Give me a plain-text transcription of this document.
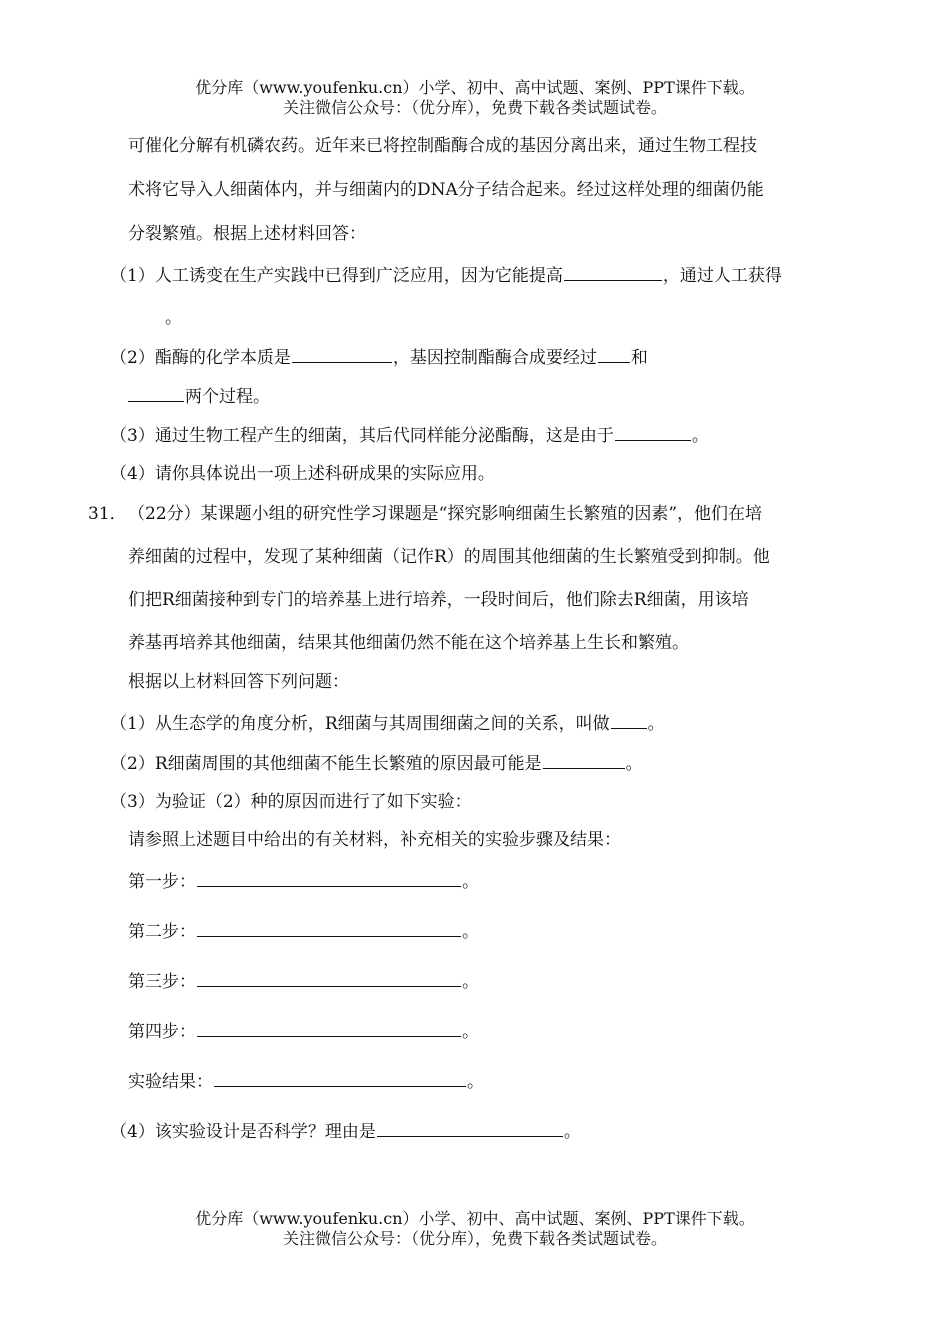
优分库（www.youfenku.cn）小学、初中、高中试题、案例、PPT课件下载。
关注微信公众号：（优分库），免费下载各类试题试卷。
可催化分解有机磷农药。近年来已将控制酯酶合成的基因分离出来，通过生物工程技
术将它导入人细菌体内，并与细菌内的DNA分子结合起来。经过这样处理的细菌仍能
分裂繁殖。根据上述材料回答：
（1）人工诱变在生产实践中已得到广泛应用，因为它能提高	，通过人工获得
。
（2）酯酶的化学本质是	，基因控制酯酶合成要经过 和
两个过程。
（3）通过生物工程产生的细菌，其后代同样能分泌酯酶，这是由于	。
（4）请你具体说出一项上述科研成果的实际应用。
31． （22分）某课题小组的研究性学习课题是“探究影响细菌生长繁殖的因素”，他们在培
养细菌的过程中，发现了某种细菌（记作R）的周围其他细菌的生长繁殖受到抑制。他
们把R细菌接种到专门的培养基上进行培养，一段时间后，他们除去R细菌，用该培
养基再培养其他细菌，结果其他细菌仍然不能在这个培养基上生长和繁殖。
根据以上材料回答下列问题：
（1）从生态学的角度分析，R细菌与其周围细菌之间的关系，叫做 。
（2）R细菌周围的其他细菌不能生长繁殖的原因最可能是	。
（3）为验证（2）种的原因而进行了如下实验：
请参照上述题目中给出的有关材料，补充相关的实验步骤及结果：
第一步：	。
第二步：	。
第三步：	。
第四步：	。
实验结果：	。
（4）该实验设计是否科学？理由是	。
优分库（www.youfenku.cn）小学、初中、高中试题、案例、PPT课件下载。
关注微信公众号：（优分库），免费下载各类试题试卷。
